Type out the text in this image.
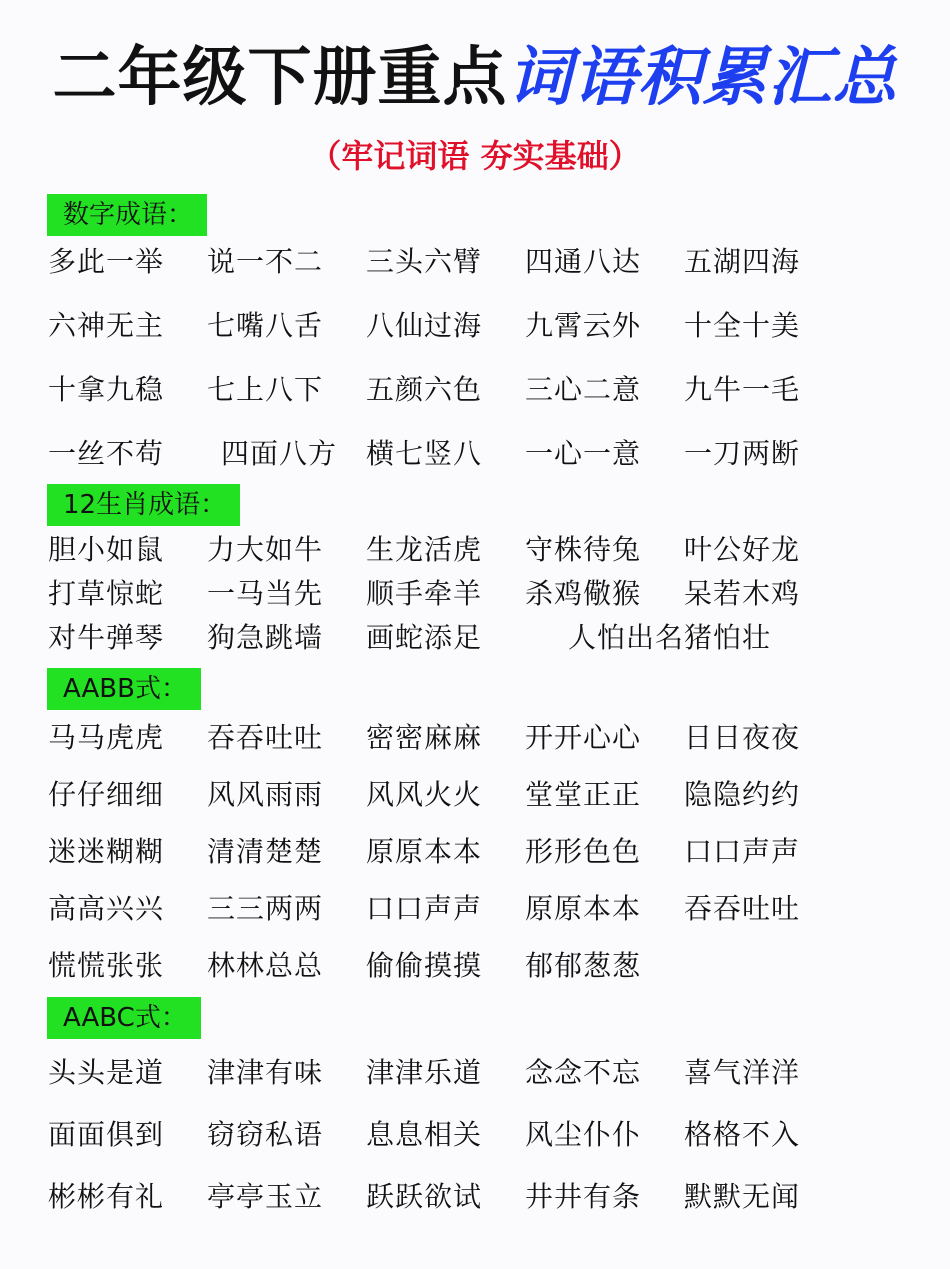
二年级下册重点词语积累汇总
（牢记词语 夯实基础）
数字成语：
多此一举 说一不二 三头六臂 四通八达 五湖四海
六神无主 七嘴八舌 八仙过海 九霄云外 十全十美
十拿九稳 七上八下 五颜六色 三心二意 九牛一毛
一丝不苟 四面八方 横七竖八 一心一意 一刀两断
12生肖成语：
胆小如鼠 力大如牛 生龙活虎 守株待兔 叶公好龙
打草惊蛇 一马当先 顺手牵羊 杀鸡儆猴 呆若木鸡
对牛弹琴 狗急跳墙 画蛇添足	人怕出名猪怕壮
AABB式：
马马虎虎 吞吞吐吐 密密麻麻 开开心心 日日夜夜
仔仔细细 风风雨雨 风风火火 堂堂正正 隐隐约约
迷迷糊糊 清清楚楚 原原本本 形形色色 口口声声
高高兴兴 三三两两 口口声声 原原本本 吞吞吐吐
慌慌张张 林林总总 偷偷摸摸 郁郁葱葱
AABC式：
头头是道 津津有味 津津乐道 念念不忘 喜气洋洋
面面俱到 窃窃私语 息息相关 风尘仆仆 格格不入
彬彬有礼 亭亭玉立 跃跃欲试 井井有条 默默无闻
